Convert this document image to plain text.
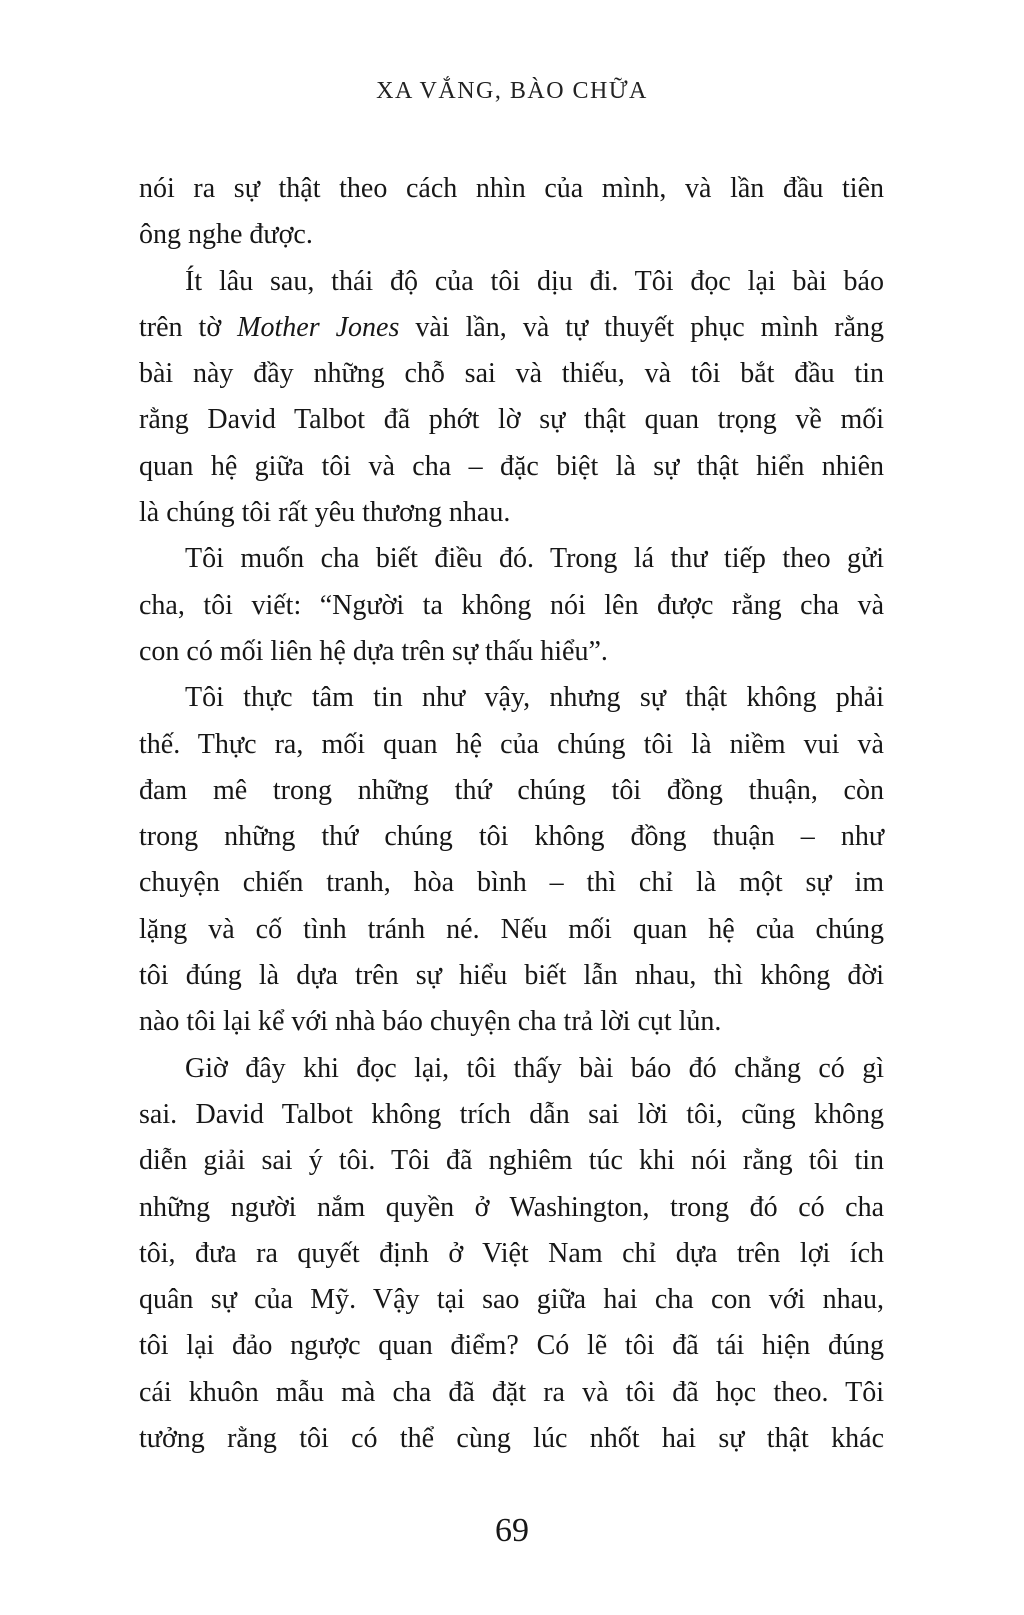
XA VẮNG, BÀO CHỮA
nói ra sự thật theo cách nhìn của mình, và lần đầu tiên
ông nghe được.
Ít lâu sau, thái độ của tôi dịu đi. Tôi đọc lại bài báo
trên tờ Mother Jones vài lần, và tự thuyết phục mình rằng
bài này đầy những chỗ sai và thiếu, và tôi bắt đầu tin
rằng David Talbot đã phớt lờ sự thật quan trọng về mối
quan hệ giữa tôi và cha – đặc biệt là sự thật hiển nhiên
là chúng tôi rất yêu thương nhau.
Tôi muốn cha biết điều đó. Trong lá thư tiếp theo gửi
cha, tôi viết: “Người ta không nói lên được rằng cha và
con có mối liên hệ dựa trên sự thấu hiểu”.
Tôi thực tâm tin như vậy, nhưng sự thật không phải
thế. Thực ra, mối quan hệ của chúng tôi là niềm vui và
đam mê trong những thứ chúng tôi đồng thuận, còn
trong những thứ chúng tôi không đồng thuận – như
chuyện chiến tranh, hòa bình – thì chỉ là một sự im
lặng và cố tình tránh né. Nếu mối quan hệ của chúng
tôi đúng là dựa trên sự hiểu biết lẫn nhau, thì không đời
nào tôi lại kể với nhà báo chuyện cha trả lời cụt lủn.
Giờ đây khi đọc lại, tôi thấy bài báo đó chẳng có gì
sai. David Talbot không trích dẫn sai lời tôi, cũng không
diễn giải sai ý tôi. Tôi đã nghiêm túc khi nói rằng tôi tin
những người nắm quyền ở Washington, trong đó có cha
tôi, đưa ra quyết định ở Việt Nam chỉ dựa trên lợi ích
quân sự của Mỹ. Vậy tại sao giữa hai cha con với nhau,
tôi lại đảo ngược quan điểm? Có lẽ tôi đã tái hiện đúng
cái khuôn mẫu mà cha đã đặt ra và tôi đã học theo. Tôi
tưởng rằng tôi có thể cùng lúc nhốt hai sự thật khác
69
